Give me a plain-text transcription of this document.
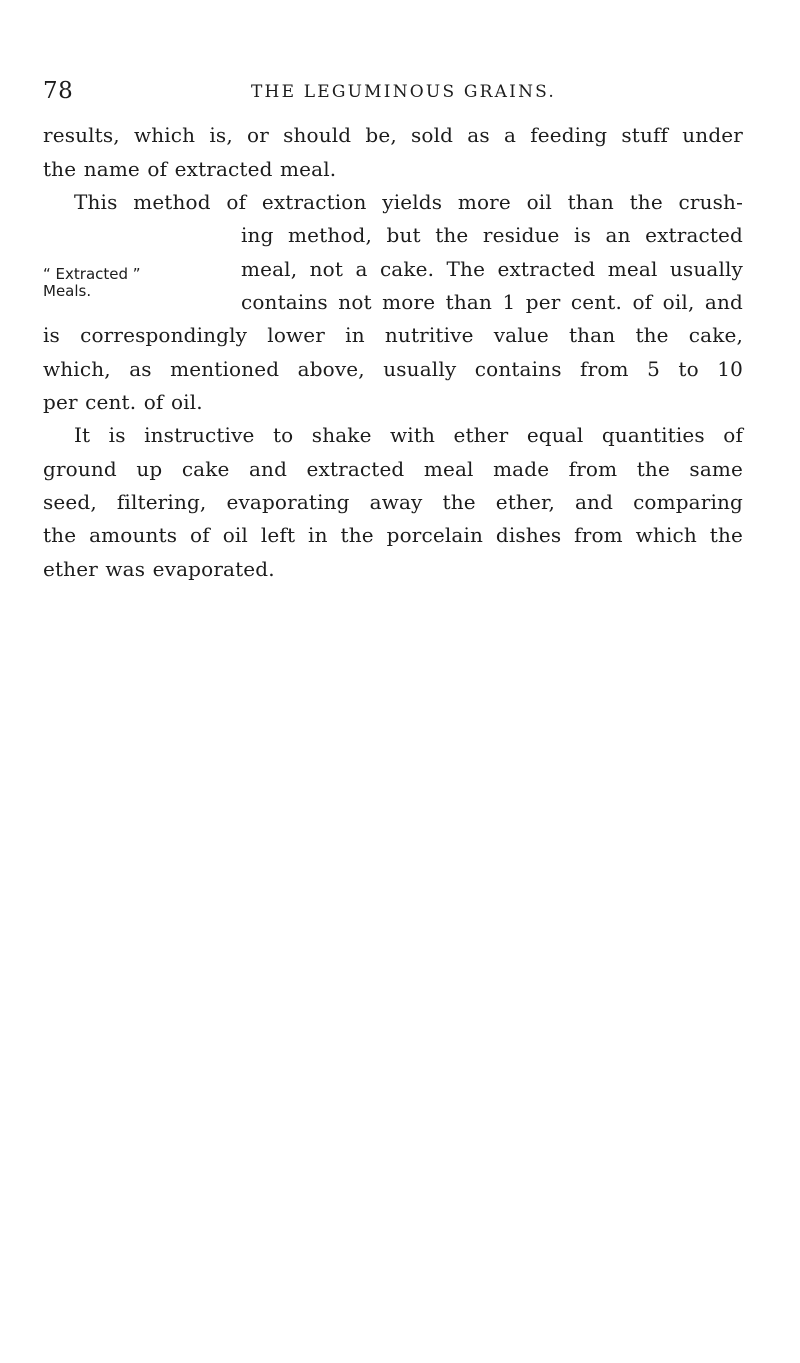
78	THE LEGUMINOUS GRAINS.
“ Extracted ”
Meals.
results, which is, or should be, sold as a feeding stuff under
the name of extracted meal.
This method of extraction yields more oil than the crush-
ing method, but the residue is an extracted
meal, not a cake. The extracted meal usually
contains not more than 1 per cent. of oil, and
is correspondingly lower in nutritive value than the cake,
which, as mentioned above, usually contains from 5 to 10
per cent. of oil.
It is instructive to shake with ether equal quantities of
ground up cake and extracted meal made from the same
seed, filtering, evaporating away the ether, and comparing
the amounts of oil left in the porcelain dishes from which the
ether was evaporated.
